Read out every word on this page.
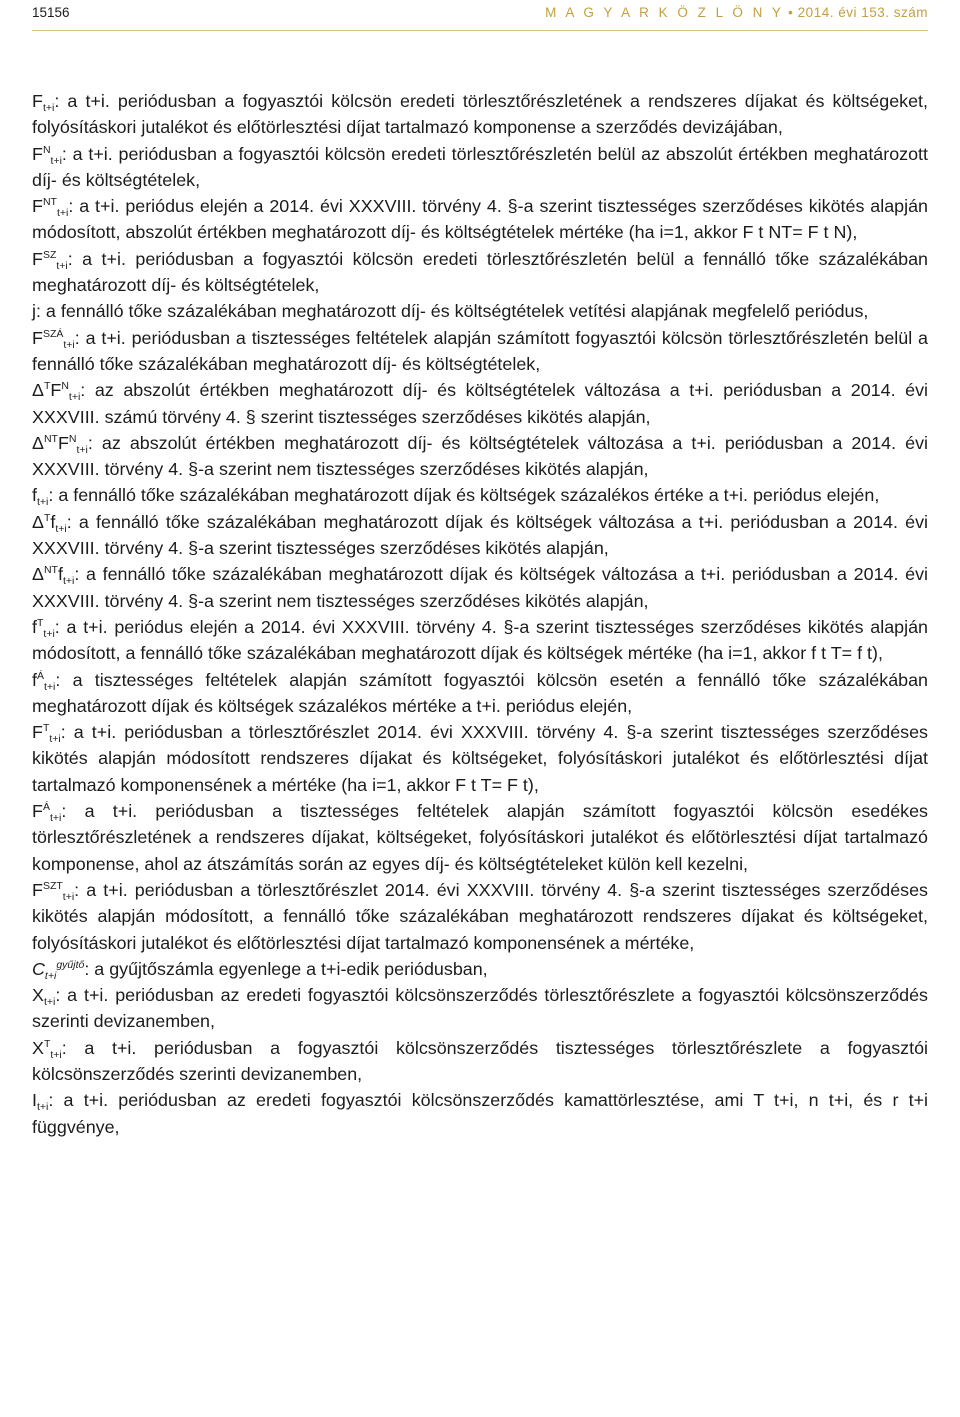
15156	M A G Y A R K Ö Z L Ö N Y • 2014. évi 153. szám

$F_{t+i}$: a t+i. periódusban a fogyasztói kölcsön eredeti törlesztőrészletének a rendszeres díjakat és költségeket, folyósításkori jutalékot és előtörlesztési díjat tartalmazó komponense a szerződés devizájában,

$F^N_{t+i}$: a t+i. periódusban a fogyasztói kölcsön eredeti törlesztőrészletén belül az abszolút értékben meghatározott díj- és költségtételek,

$F^{NT}_{t+i}$: a t+i. periódus elején a 2014. évi XXXVIII. törvény 4. §-a szerint tisztességes szerződéses kikötés alapján módosított, abszolút értékben meghatározott díj- és költségtételek mértéke (ha i=1, akkor F t NT= F t N),

$F^{SZ}_{t+i}$: a t+i. periódusban a fogyasztói kölcsön eredeti törlesztőrészletén belül a fennálló tőke százalékában meghatározott díj- és költségtételek,

j: a fennálló tőke százalékában meghatározott díj- és költségtételek vetítési alapjának megfelelő periódus,

$F^{SZÁ}_{t+i}$: a t+i. periódusban a tisztességes feltételek alapján számított fogyasztói kölcsön törlesztőrészletén belül a fennálló tőke százalékában meghatározott díj- és költségtételek,

$\Delta^TF^N_{t+i}$: az abszolút értékben meghatározott díj- és költségtételek változása a t+i. periódusban a 2014. évi XXXVIII. számú törvény 4. § szerint tisztességes szerződéses kikötés alapján,

$\Delta^{NT}F^N_{t+i}$: az abszolút értékben meghatározott díj- és költségtételek változása a t+i. periódusban a 2014. évi XXXVIII. törvény 4. §-a szerint nem tisztességes szerződéses kikötés alapján,

$f_{t+i}$: a fennálló tőke százalékában meghatározott díjak és költségek százalékos értéke a t+i. periódus elején,

$\Delta^Tf_{t+i}$: a fennálló tőke százalékában meghatározott díjak és költségek változása a t+i. periódusban a 2014. évi XXXVIII. törvény 4. §-a szerint tisztességes szerződéses kikötés alapján,

$\Delta^{NT}f_{t+i}$: a fennálló tőke százalékában meghatározott díjak és költségek változása a t+i. periódusban a 2014. évi XXXVIII. törvény 4. §-a szerint nem tisztességes szerződéses kikötés alapján,

$f^T_{t+i}$: a t+i. periódus elején a 2014. évi XXXVIII. törvény 4. §-a szerint tisztességes szerződéses kikötés alapján módosított, a fennálló tőke százalékában meghatározott díjak és költségek mértéke (ha i=1, akkor f t T= f t),

$f^Á_{t+i}$: a tisztességes feltételek alapján számított fogyasztói kölcsön esetén a fennálló tőke százalékában meghatározott díjak és költségek százalékos mértéke a t+i. periódus elején,

$F^T_{t+i}$: a t+i. periódusban a törlesztőrészlet 2014. évi XXXVIII. törvény 4. §-a szerint tisztességes szerződéses kikötés alapján módosított rendszeres díjakat és költségeket, folyósításkori jutalékot és előtörlesztési díjat tartalmazó komponensének a mértéke (ha i=1, akkor F t T= F t),

$F^Á_{t+i}$: a t+i. periódusban a tisztességes feltételek alapján számított fogyasztói kölcsön esedékes törlesztőrészletének a rendszeres díjakat, költségeket, folyósításkori jutalékot és előtörlesztési díjat tartalmazó komponense, ahol az átszámítás során az egyes díj- és költségtételeket külön kell kezelni,

$F^{SZT}_{t+i}$: a t+i. periódusban a törlesztőrészlet 2014. évi XXXVIII. törvény 4. §-a szerint tisztességes szerződéses kikötés alapján módosított, a fennálló tőke százalékában meghatározott rendszeres díjakat és költségeket, folyósításkori jutalékot és előtörlesztési díjat tartalmazó komponensének a mértéke,

$C_{t+i}^{gyűjtő}$: a gyűjtőszámla egyenlege a t+i-edik periódusban,

$X_{t+i}$: a t+i. periódusban az eredeti fogyasztói kölcsönszerződés törlesztőrészlete a fogyasztói kölcsönszerződés szerinti devizanemben,

$X^T_{t+i}$: a t+i. periódusban a fogyasztói kölcsönszerződés tisztességes törlesztőrészlete a fogyasztói kölcsönszerződés szerinti devizanemben,

$I_{t+i}$: a t+i. periódusban az eredeti fogyasztói kölcsönszerződés kamattörlesztése, ami T t+i, n t+i, és r t+i függvénye,
